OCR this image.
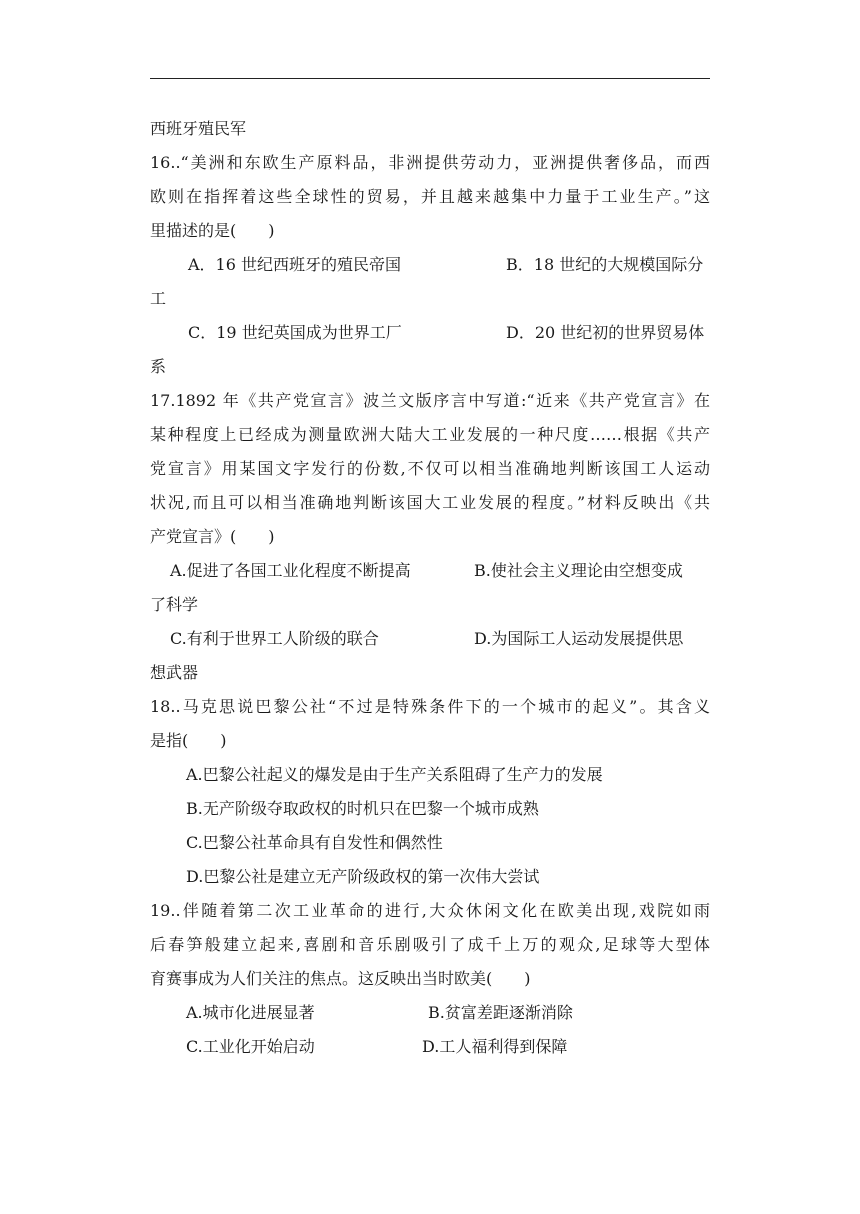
西班牙殖民军
16..“美洲和东欧生产原料品，非洲提供劳动力，亚洲提供奢侈品，而西
欧则在指挥着这些全球性的贸易，并且越来越集中力量于工业生产。”这
里描述的是(　　)
A．16 世纪西班牙的殖民帝国	B．18 世纪的大规模国际分
工
C．19 世纪英国成为世界工厂	D．20 世纪初的世界贸易体
系
17.1892 年《共产党宣言》波兰文版序言中写道:“近来《共产党宣言》在
某种程度上已经成为测量欧洲大陆大工业发展的一种尺度……根据《共产
党宣言》用某国文字发行的份数,不仅可以相当准确地判断该国工人运动
状况,而且可以相当准确地判断该国大工业发展的程度。”材料反映出《共
产党宣言》(　　)
A.促进了各国工业化程度不断提高	B.使社会主义理论由空想变成
了科学
C.有利于世界工人阶级的联合	D.为国际工人运动发展提供思
想武器
18..马克思说巴黎公社“不过是特殊条件下的一个城市的起义”。其含义
是指(　　)
A.巴黎公社起义的爆发是由于生产关系阻碍了生产力的发展
B.无产阶级夺取政权的时机只在巴黎一个城市成熟
C.巴黎公社革命具有自发性和偶然性
D.巴黎公社是建立无产阶级政权的第一次伟大尝试
19..伴随着第二次工业革命的进行,大众休闲文化在欧美出现,戏院如雨
后春笋般建立起来,喜剧和音乐剧吸引了成千上万的观众,足球等大型体
育赛事成为人们关注的焦点。这反映出当时欧美(　　)
A.城市化进展显著	B.贫富差距逐渐消除
C.工业化开始启动	D.工人福利得到保障
